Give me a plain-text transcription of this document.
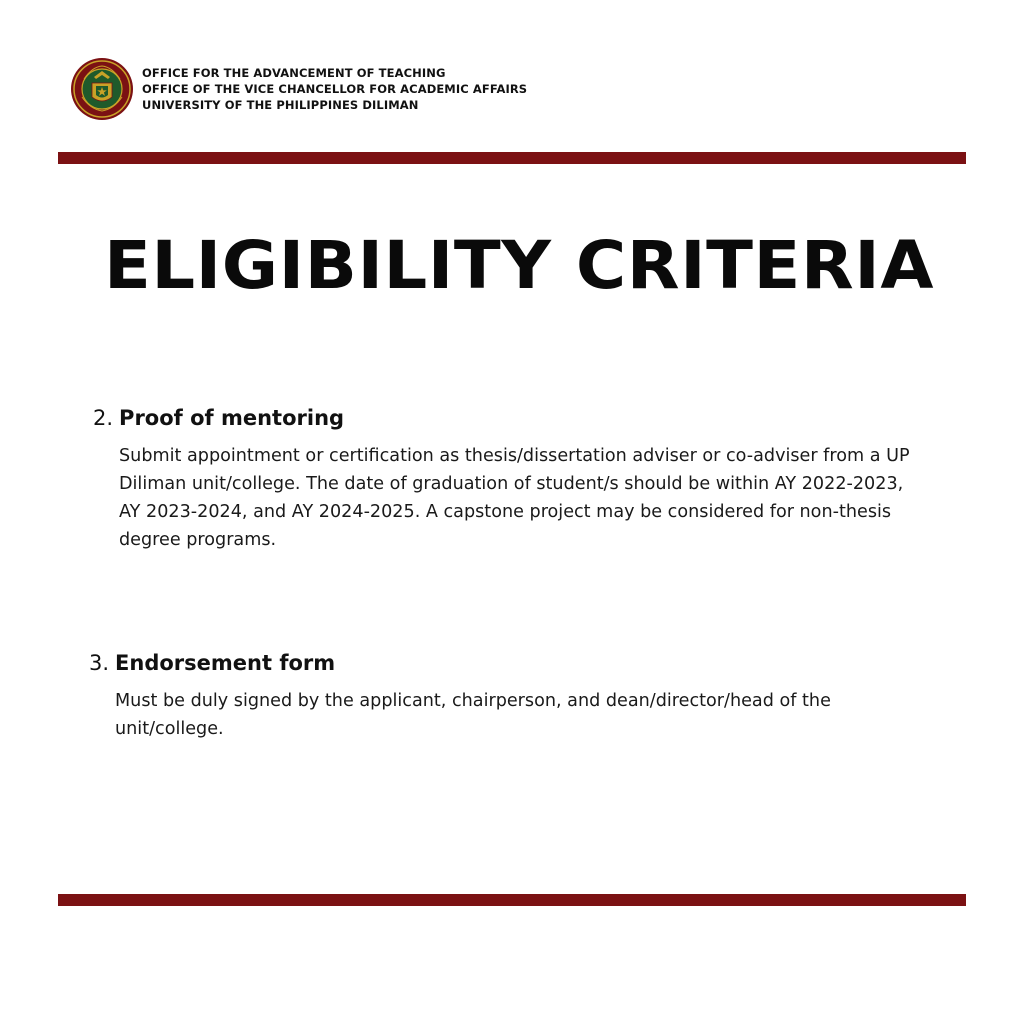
OFFICE FOR THE ADVANCEMENT OF TEACHING
OFFICE OF THE VICE CHANCELLOR FOR ACADEMIC AFFAIRS
UNIVERSITY OF THE PHILIPPINES DILIMAN
ELIGIBILITY CRITERIA
2. Proof of mentoring
Submit appointment or certification as thesis/dissertation adviser or co-adviser from a UP Diliman unit/college. The date of graduation of student/s should be within AY 2022-2023, AY 2023-2024, and AY 2024-2025. A capstone project may be considered for non-thesis degree programs.
3. Endorsement form
Must be duly signed by the applicant, chairperson, and dean/director/head of the unit/college.
